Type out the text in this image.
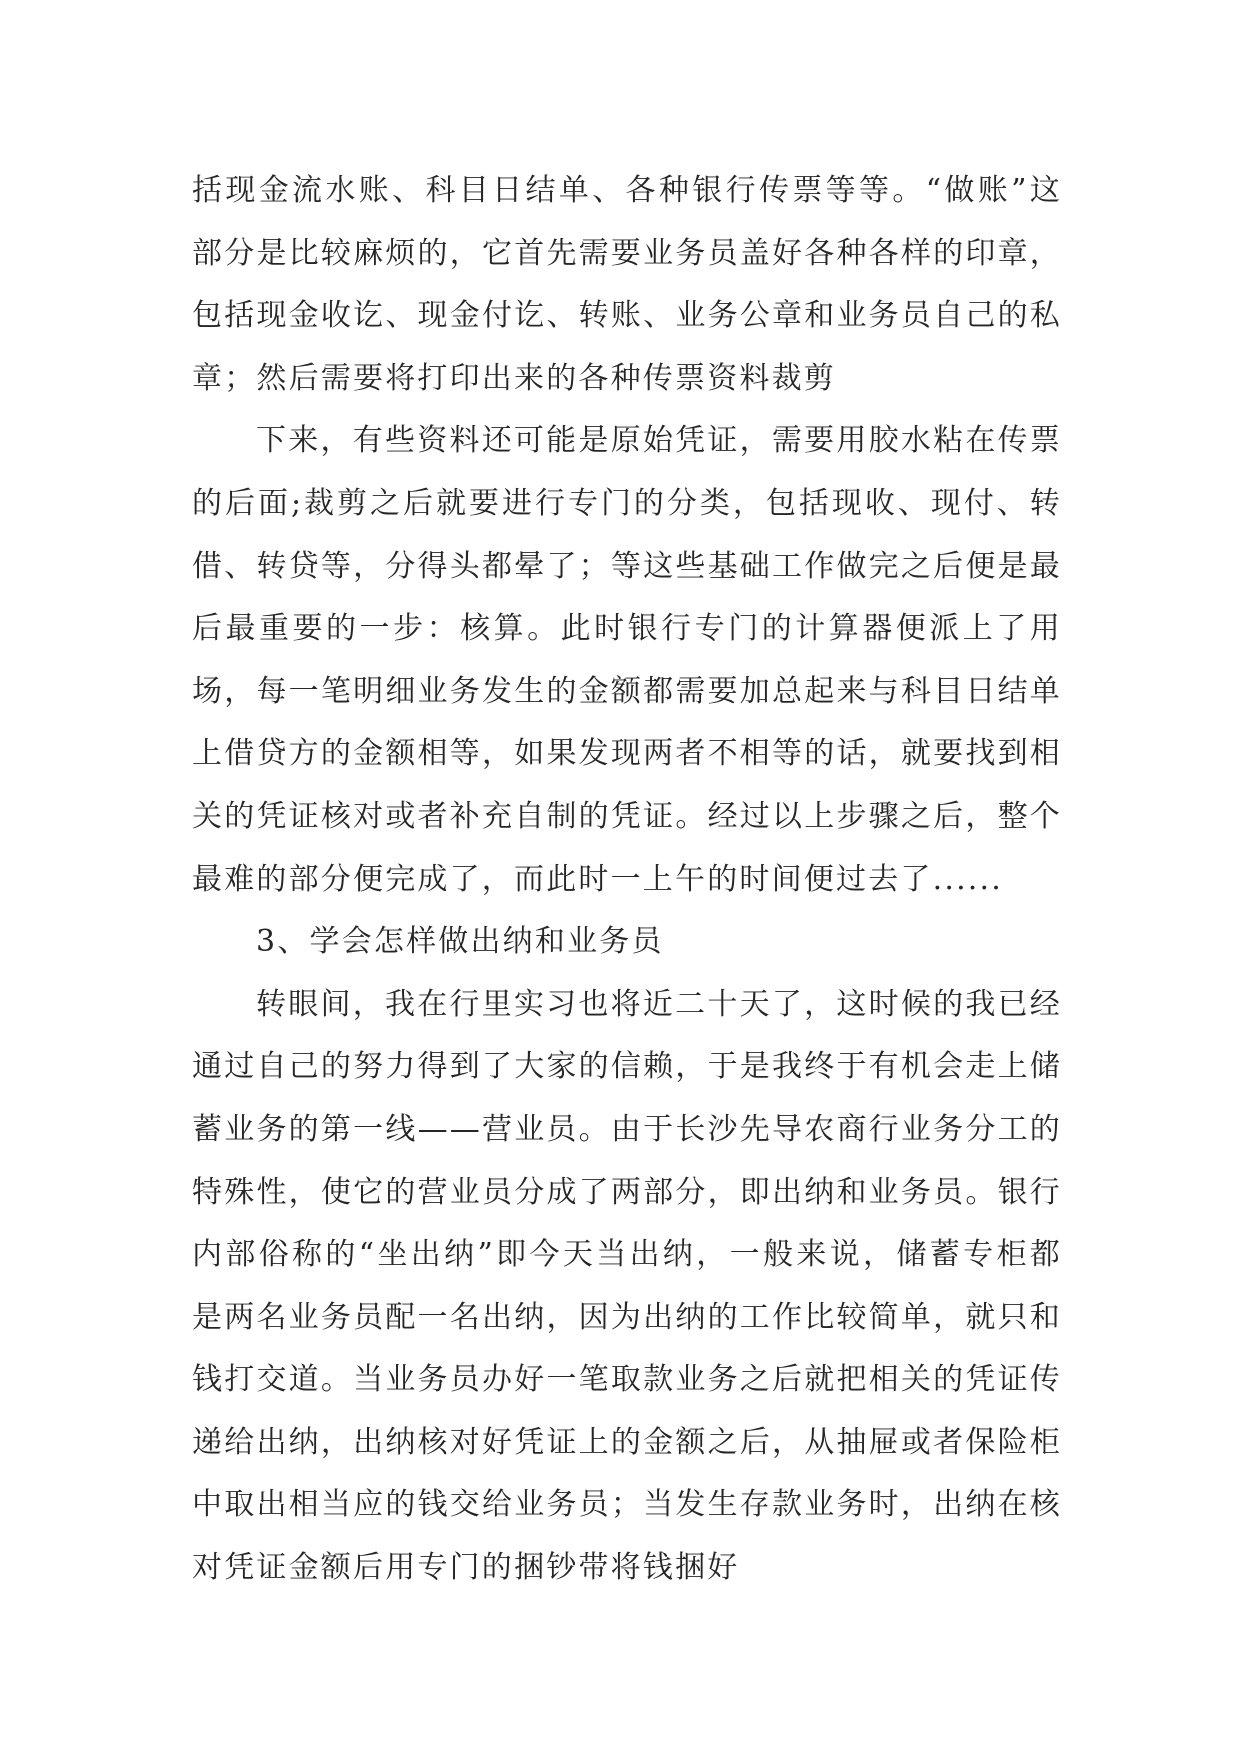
括现金流水账、科目日结单、各种银行传票等等。“做账”这部分是比较麻烦的，它首先需要业务员盖好各种各样的印章，包括现金收讫、现金付讫、转账、业务公章和业务员自己的私章；然后需要将打印出来的各种传票资料裁剪

下来，有些资料还可能是原始凭证，需要用胶水粘在传票的后面;裁剪之后就要进行专门的分类，包括现收、现付、转借、转贷等，分得头都晕了；等这些基础工作做完之后便是最后最重要的一步：核算。此时银行专门的计算器便派上了用场，每一笔明细业务发生的金额都需要加总起来与科目日结单上借贷方的金额相等，如果发现两者不相等的话，就要找到相关的凭证核对或者补充自制的凭证。经过以上步骤之后，整个最难的部分便完成了，而此时一上午的时间便过去了......

3、学会怎样做出纳和业务员

转眼间，我在行里实习也将近二十天了，这时候的我已经通过自己的努力得到了大家的信赖，于是我终于有机会走上储蓄业务的第一线——营业员。由于长沙先导农商行业务分工的特殊性，使它的营业员分成了两部分，即出纳和业务员。银行内部俗称的“坐出纳”即今天当出纳，一般来说，储蓄专柜都是两名业务员配一名出纳，因为出纳的工作比较简单，就只和钱打交道。当业务员办好一笔取款业务之后就把相关的凭证传递给出纳，出纳核对好凭证上的金额之后，从抽屉或者保险柜中取出相当应的钱交给业务员；当发生存款业务时，出纳在核对凭证金额后用专门的捆钞带将钱捆好
